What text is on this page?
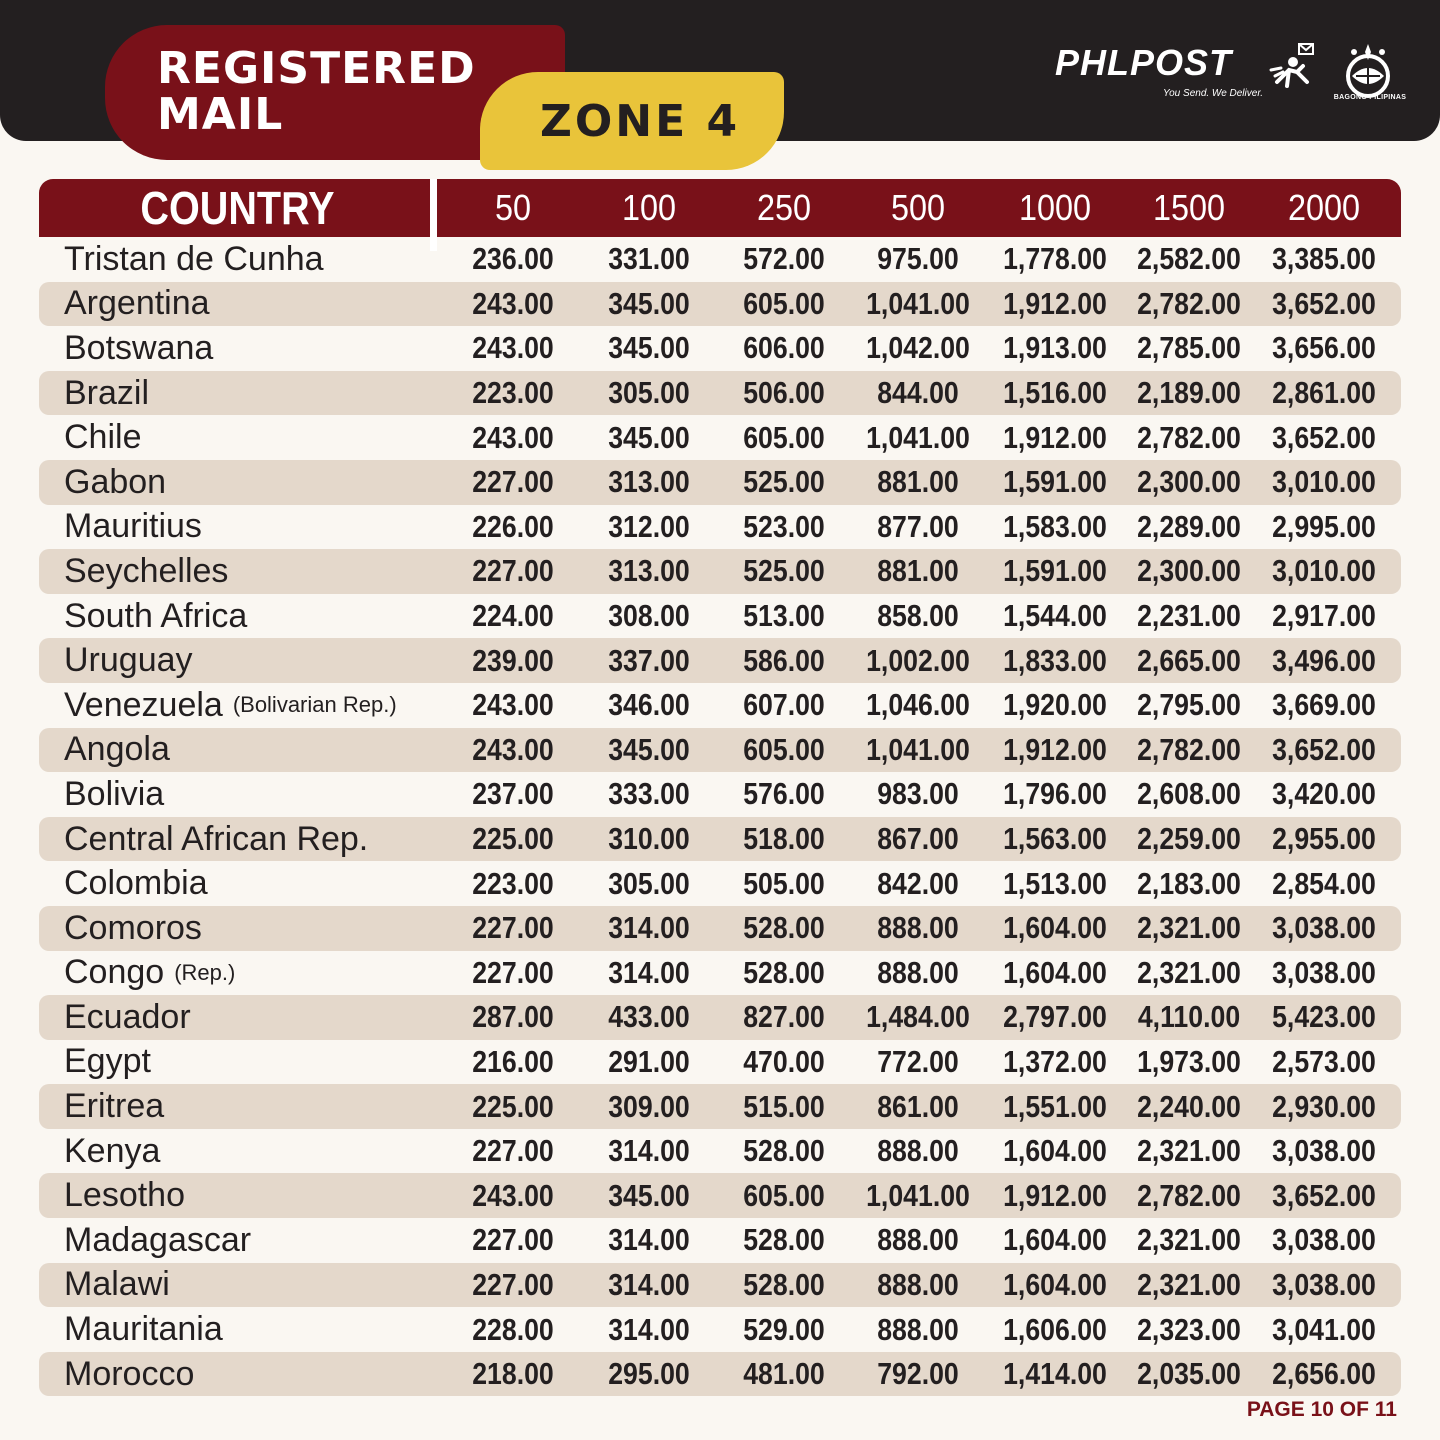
REGISTERED
MAIL	ZONE 4
PHLPOST
You Send. We Deliver.	BAGONG PILIPINAS
COUNTRY	50	100	250	500	1000	1500	2000
Tristan de Cunha	236.00	331.00	572.00	975.00	1,778.00 2,582.00 3,385.00
Argentina	243.00	345.00	605.00	1,041.00 1,912.00 2,782.00 3,652.00
Botswana	243.00	345.00	606.00	1,042.00 1,913.00 2,785.00 3,656.00
Brazil	223.00	305.00	506.00	844.00	1,516.00 2,189.00 2,861.00
Chile	243.00	345.00	605.00	1,041.00 1,912.00 2,782.00 3,652.00
Gabon	227.00	313.00	525.00	881.00	1,591.00 2,300.00 3,010.00
Mauritius	226.00	312.00	523.00	877.00	1,583.00 2,289.00 2,995.00
Seychelles	227.00	313.00	525.00	881.00	1,591.00 2,300.00 3,010.00
South Africa	224.00	308.00	513.00	858.00	1,544.00 2,231.00 2,917.00
Uruguay	239.00	337.00	586.00	1,002.00 1,833.00 2,665.00 3,496.00
Venezuela (Bolivarian Rep.)	243.00	346.00	607.00	1,046.00 1,920.00 2,795.00 3,669.00
Angola	243.00	345.00	605.00	1,041.00 1,912.00 2,782.00 3,652.00
Bolivia	237.00	333.00	576.00	983.00	1,796.00 2,608.00 3,420.00
Central African Rep.	225.00	310.00	518.00	867.00	1,563.00 2,259.00 2,955.00
Colombia	223.00	305.00	505.00	842.00	1,513.00 2,183.00 2,854.00
Comoros	227.00	314.00	528.00	888.00	1,604.00 2,321.00 3,038.00
Congo (Rep.)	227.00	314.00	528.00	888.00	1,604.00 2,321.00 3,038.00
Ecuador	287.00	433.00	827.00	1,484.00 2,797.00 4,110.00 5,423.00
Egypt	216.00	291.00	470.00	772.00	1,372.00 1,973.00 2,573.00
Eritrea	225.00	309.00	515.00	861.00	1,551.00 2,240.00 2,930.00
Kenya	227.00	314.00	528.00	888.00	1,604.00 2,321.00 3,038.00
Lesotho	243.00	345.00	605.00	1,041.00 1,912.00 2,782.00 3,652.00
Madagascar	227.00	314.00	528.00	888.00	1,604.00 2,321.00 3,038.00
Malawi	227.00	314.00	528.00	888.00	1,604.00 2,321.00 3,038.00
Mauritania	228.00	314.00	529.00	888.00	1,606.00 2,323.00 3,041.00
Morocco	218.00	295.00	481.00	792.00	1,414.00 2,035.00 2,656.00
PAGE 10 OF 11
